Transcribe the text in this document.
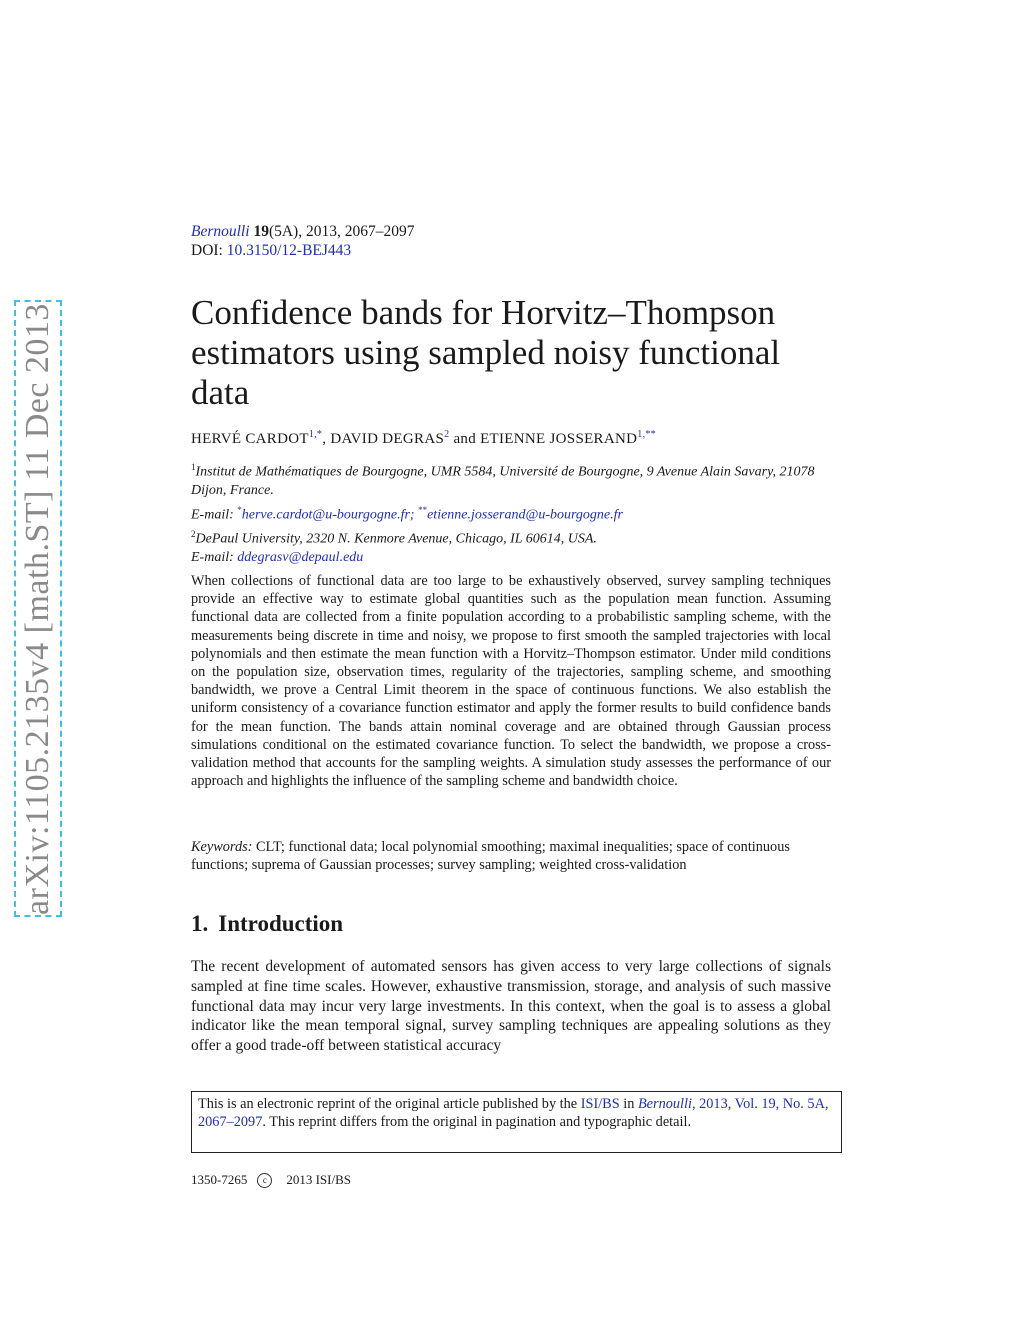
arXiv:1105.2135v4 [math.ST] 11 Dec 2013
Bernoulli 19(5A), 2013, 2067–2097
DOI: 10.3150/12-BEJ443
Confidence bands for Horvitz–Thompson estimators using sampled noisy functional data
HERVÉ $CARDOT^{1,*}$, DAVID DEGRAS$^2$ and ETIENNE $JOSSERAND^{1,**}$

$^1$Institut de Mathématiques de Bourgogne, UMR 5584, Université de Bourgogne, 9 Avenue Alain Savary, 21078 Dijon, France.

E-mail: *herve.cardot@u-bourgogne.fr; **etienne.josserand@u-bourgogne.fr

$^2$DePaul University, 2320 N. Kenmore Avenue, Chicago, IL 60614, USA.

E-mail: ddegrasv@depaul.edu

When collections of functional data are too large to be exhaustively observed, survey sampling techniques provide an effective way to estimate global quantities such as the population mean function. Assuming functional data are collected from a finite population according to a probabilistic sampling scheme, with the measurements being discrete in time and noisy, we propose to first smooth the sampled trajectories with local polynomials and then estimate the mean function with a Horvitz–Thompson estimator. Under mild conditions on the population size, observation times, regularity of the trajectories, sampling scheme, and smoothing bandwidth, we prove a Central Limit theorem in the space of continuous functions. We also establish the uniform consistency of a covariance function estimator and apply the former results to build confidence bands for the mean function. The bands attain nominal coverage and are obtained through Gaussian process simulations conditional on the estimated covariance function. To select the bandwidth, we propose a cross-validation method that accounts for the sampling weights. A simulation study assesses the performance of our approach and highlights the influence of the sampling scheme and bandwidth choice.

Keywords: CLT; functional data; local polynomial smoothing; maximal inequalities; space of continuous functions; suprema of Gaussian processes; survey sampling; weighted cross-validation

1. Introduction

The recent development of automated sensors has given access to very large collections of signals sampled at fine time scales. However, exhaustive transmission, storage, and analysis of such massive functional data may incur very large investments. In this context, when the goal is to assess a global indicator like the mean temporal signal, survey sampling techniques are appealing solutions as they offer a good trade-off between statistical accuracy

This is an electronic reprint of the original article published by the ISI/BS in Bernoulli, 2013, Vol. 19, No. 5A, 2067–2097. This reprint differs from the original in pagination and typographic detail.
1350-7265 c 2013 ISI/BS
